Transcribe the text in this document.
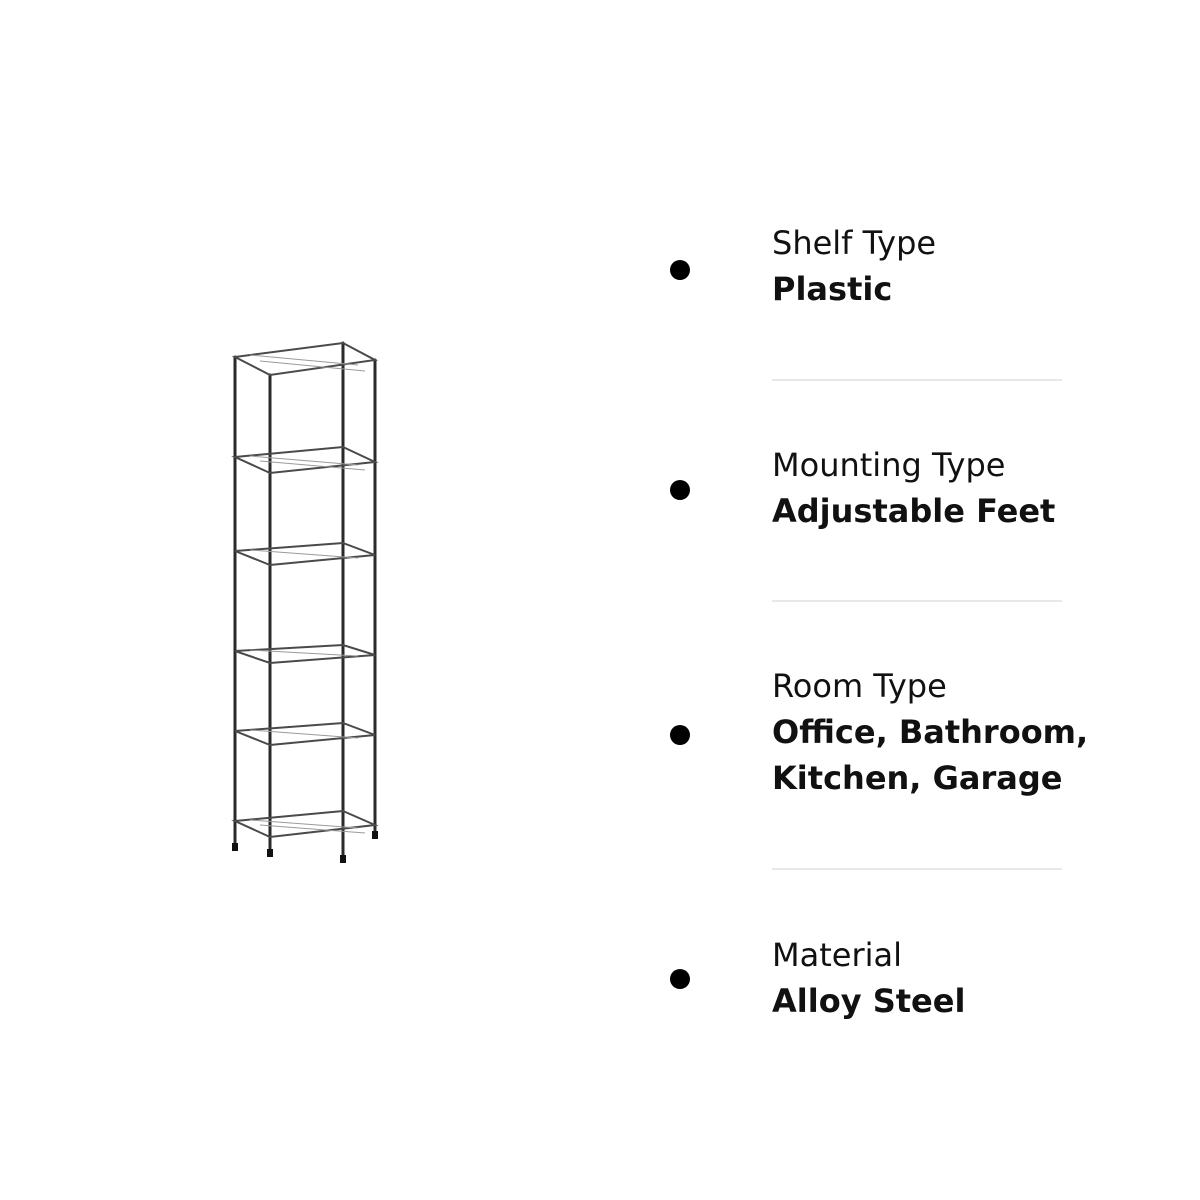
Shelf Type
Plastic
Mounting Type
Adjustable Feet
Room Type
Office, Bathroom,
Kitchen, Garage
Material
Alloy Steel
